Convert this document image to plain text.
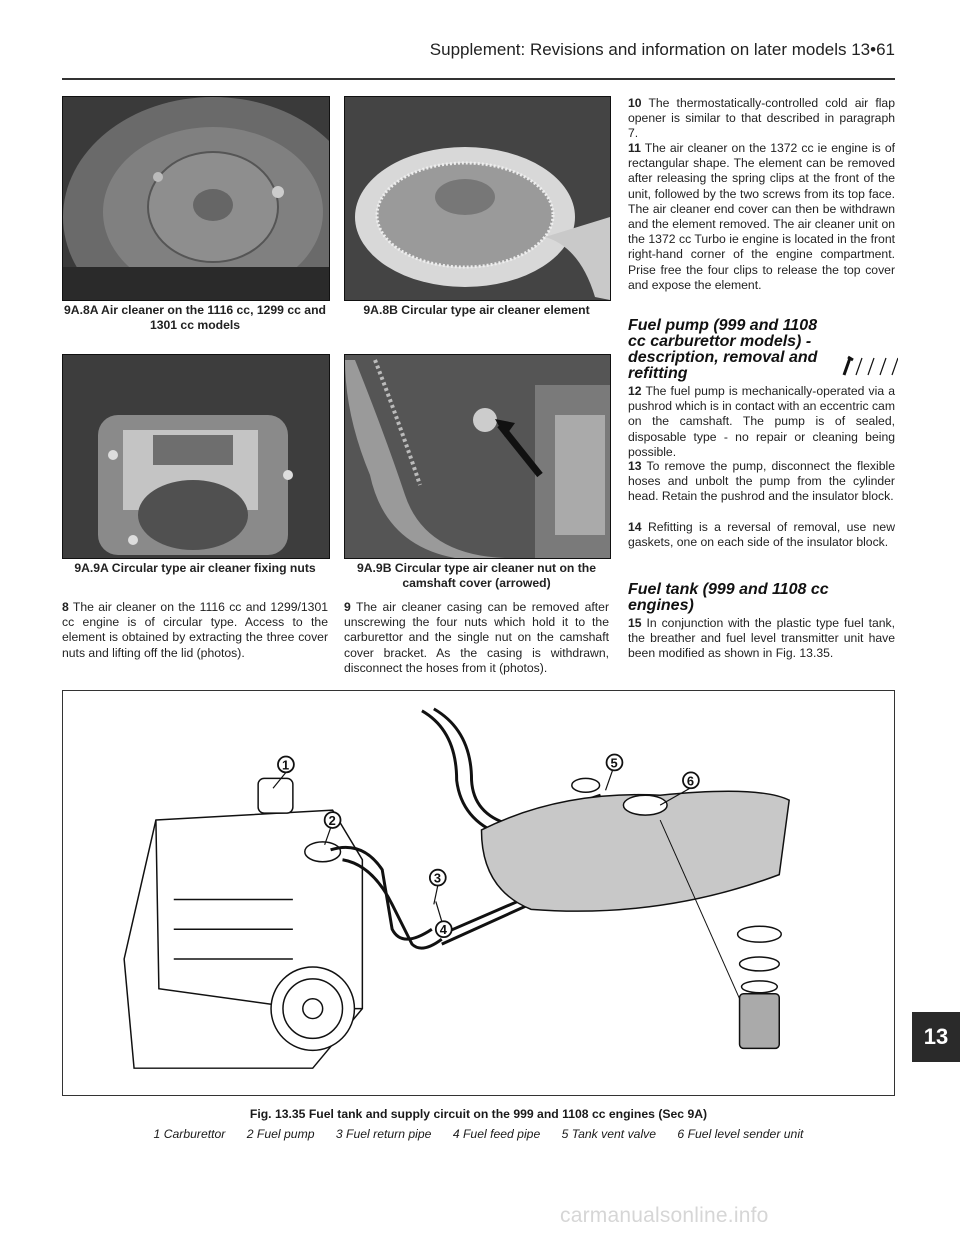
Supplement: Revisions and information on later models 13•61
9A.8A Air cleaner on the 1116 cc, 1299 cc and 1301 cc models
9A.8B Circular type air cleaner element
9A.9A Circular type air cleaner fixing nuts	9A.9B Circular type air cleaner nut on the camshaft cover (arrowed)

8 The air cleaner on the 1116 cc and 1299/1301 cc engine is of circular type. Access to the element is obtained by extracting the three cover nuts and lifting off the lid (photos).

9 The air cleaner casing can be removed after unscrewing the four nuts which hold it to the carburettor and the single nut on the camshaft cover bracket. As the casing is withdrawn, disconnect the hoses from it (photos).

10 The thermostatically-controlled cold air flap opener is similar to that described in paragraph 7.

11 The air cleaner on the 1372 cc ie engine is of rectangular shape. The element can be removed after releasing the spring clips at the front of the unit, followed by the two screws from its top face. The air cleaner end cover can then be withdrawn and the element removed. The air cleaner unit on the 1372 cc Turbo ie engine is located in the front right-hand corner of the engine compartment. Prise free the four clips to release the top cover and expose the element.

Fuel pump (999 and 1108 cc carburettor models) - description, removal and refitting

12 The fuel pump is mechanically-operated via a pushrod which is in contact with an eccentric cam on the camshaft. The pump is of sealed, disposable type - no repair or cleaning being possible.

13 To remove the pump, disconnect the flexible hoses and unbolt the pump from the cylinder head. Retain the pushrod and the insulator block.

14 Refitting is a reversal of removal, use new gaskets, one on each side of the insulator block.

Fuel tank (999 and 1108 cc engines)

15 In conjunction with the plastic type fuel tank, the breather and fuel level transmitter unit have been modified as shown in Fig. 13.35.

1
2
3
4
5
6
Fig. 13.35 Fuel tank and supply circuit on the 999 and 1108 cc engines (Sec 9A)
1 Carburettor 2 Fuel pump 3 Fuel return pipe 4 Fuel feed pipe 5 Tank vent valve 6 Fuel level sender unit
13
carmanualsonline.info
